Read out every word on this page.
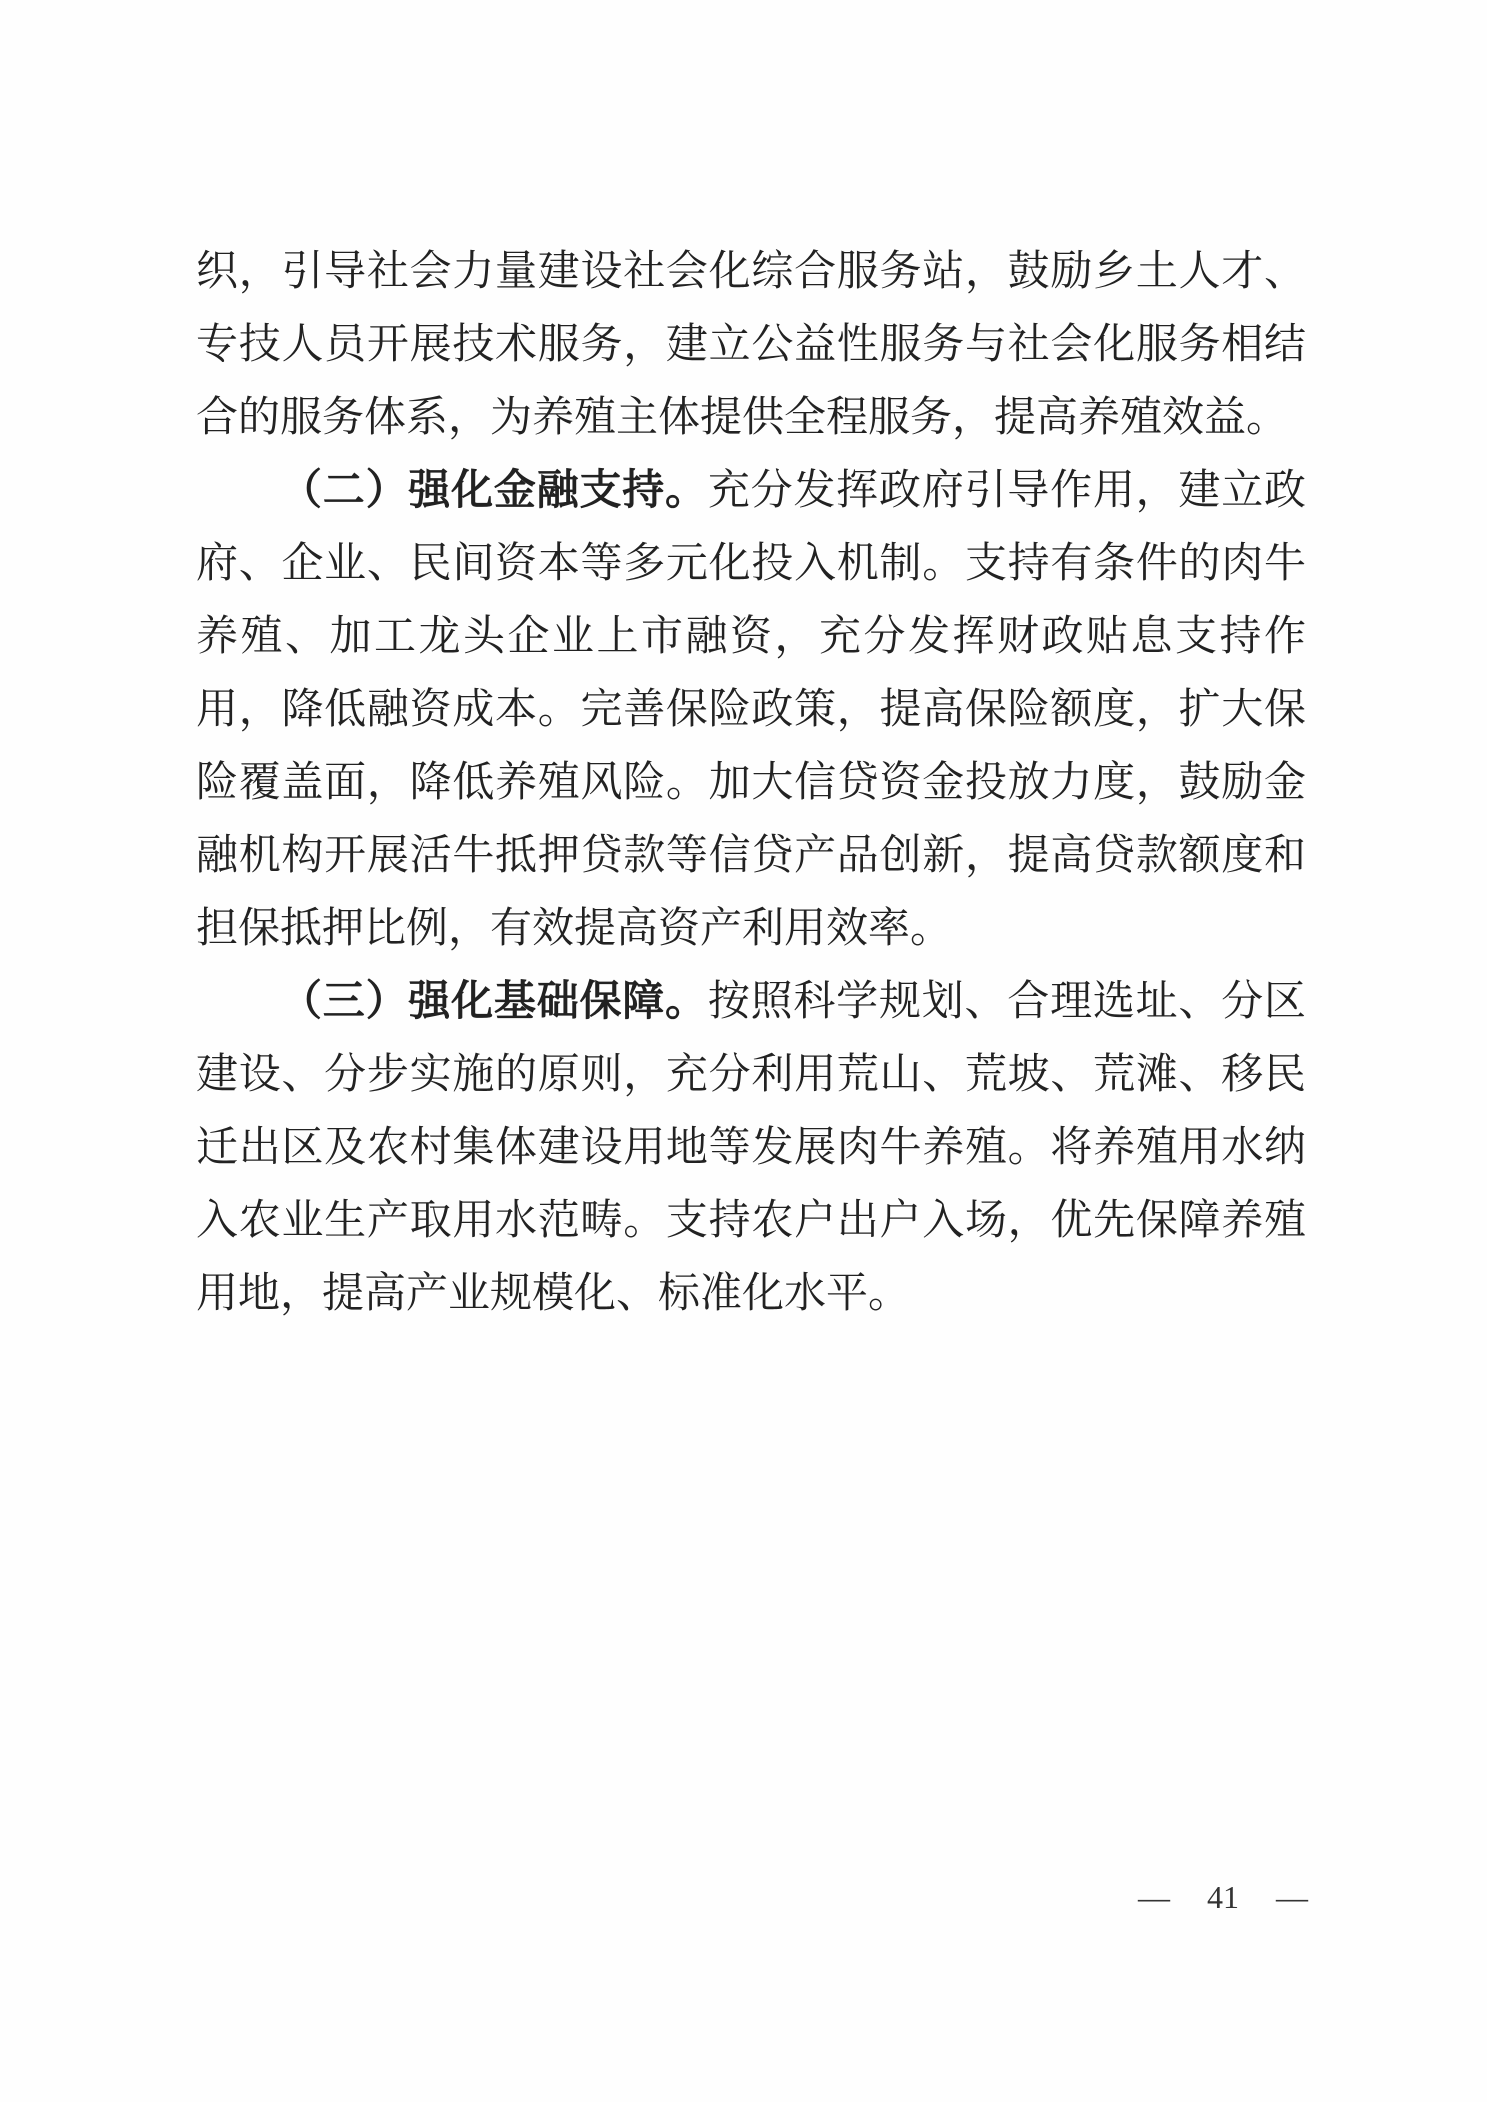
织，引导社会力量建设社会化综合服务站，鼓励乡土人才、
专技人员开展技术服务，建立公益性服务与社会化服务相结
合的服务体系，为养殖主体提供全程服务，提高养殖效益。
（二）强化金融支持。充分发挥政府引导作用，建立政
府、企业、民间资本等多元化投入机制。支持有条件的肉牛
养殖、加工龙头企业上市融资，充分发挥财政贴息支持作
用，降低融资成本。完善保险政策，提高保险额度，扩大保
险覆盖面，降低养殖风险。加大信贷资金投放力度，鼓励金
融机构开展活牛抵押贷款等信贷产品创新，提高贷款额度和
担保抵押比例，有效提高资产利用效率。
（三）强化基础保障。按照科学规划、合理选址、分区
建设、分步实施的原则，充分利用荒山、荒坡、荒滩、移民
迁出区及农村集体建设用地等发展肉牛养殖。将养殖用水纳
入农业生产取用水范畴。支持农户出户入场，优先保障养殖
用地，提高产业规模化、标准化水平。
— 41 —
